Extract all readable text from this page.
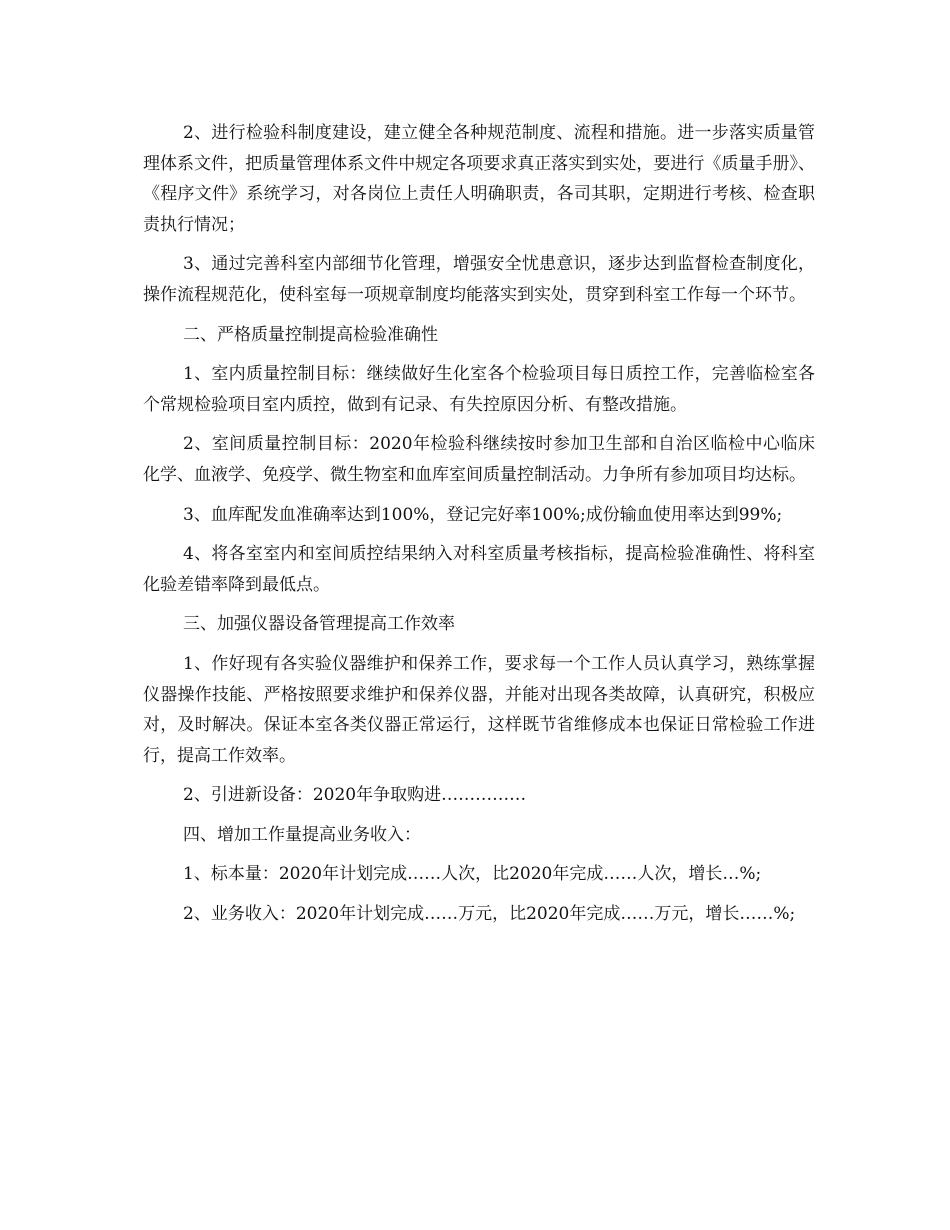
2、进行检验科制度建设，建立健全各种规范制度、流程和措施。进一步落实质量管理体系文件，把质量管理体系文件中规定各项要求真正落实到实处，要进行《质量手册》、《程序文件》系统学习，对各岗位上责任人明确职责，各司其职，定期进行考核、检查职责执行情况；

3、通过完善科室内部细节化管理，增强安全忧患意识，逐步达到监督检查制度化，操作流程规范化，使科室每一项规章制度均能落实到实处，贯穿到科室工作每一个环节。

二、严格质量控制提高检验准确性

1、室内质量控制目标：继续做好生化室各个检验项目每日质控工作，完善临检室各个常规检验项目室内质控，做到有记录、有失控原因分析、有整改措施。

2、室间质量控制目标：2020年检验科继续按时参加卫生部和自治区临检中心临床化学、血液学、免疫学、微生物室和血库室间质量控制活动。力争所有参加项目均达标。

3、血库配发血准确率达到100%，登记完好率100%;成份输血使用率达到99%;

4、将各室室内和室间质控结果纳入对科室质量考核指标，提高检验准确性、将科室化验差错率降到最低点。

三、加强仪器设备管理提高工作效率

1、作好现有各实验仪器维护和保养工作，要求每一个工作人员认真学习，熟练掌握仪器操作技能、严格按照要求维护和保养仪器，并能对出现各类故障，认真研究，积极应对，及时解决。保证本室各类仪器正常运行，这样既节省维修成本也保证日常检验工作进行，提高工作效率。

2、引进新设备：2020年争取购进……………

四、增加工作量提高业务收入：

1、标本量：2020年计划完成……人次，比2020年完成……人次，增长…%;

2、业务收入：2020年计划完成……万元，比2020年完成……万元，增长……%;
